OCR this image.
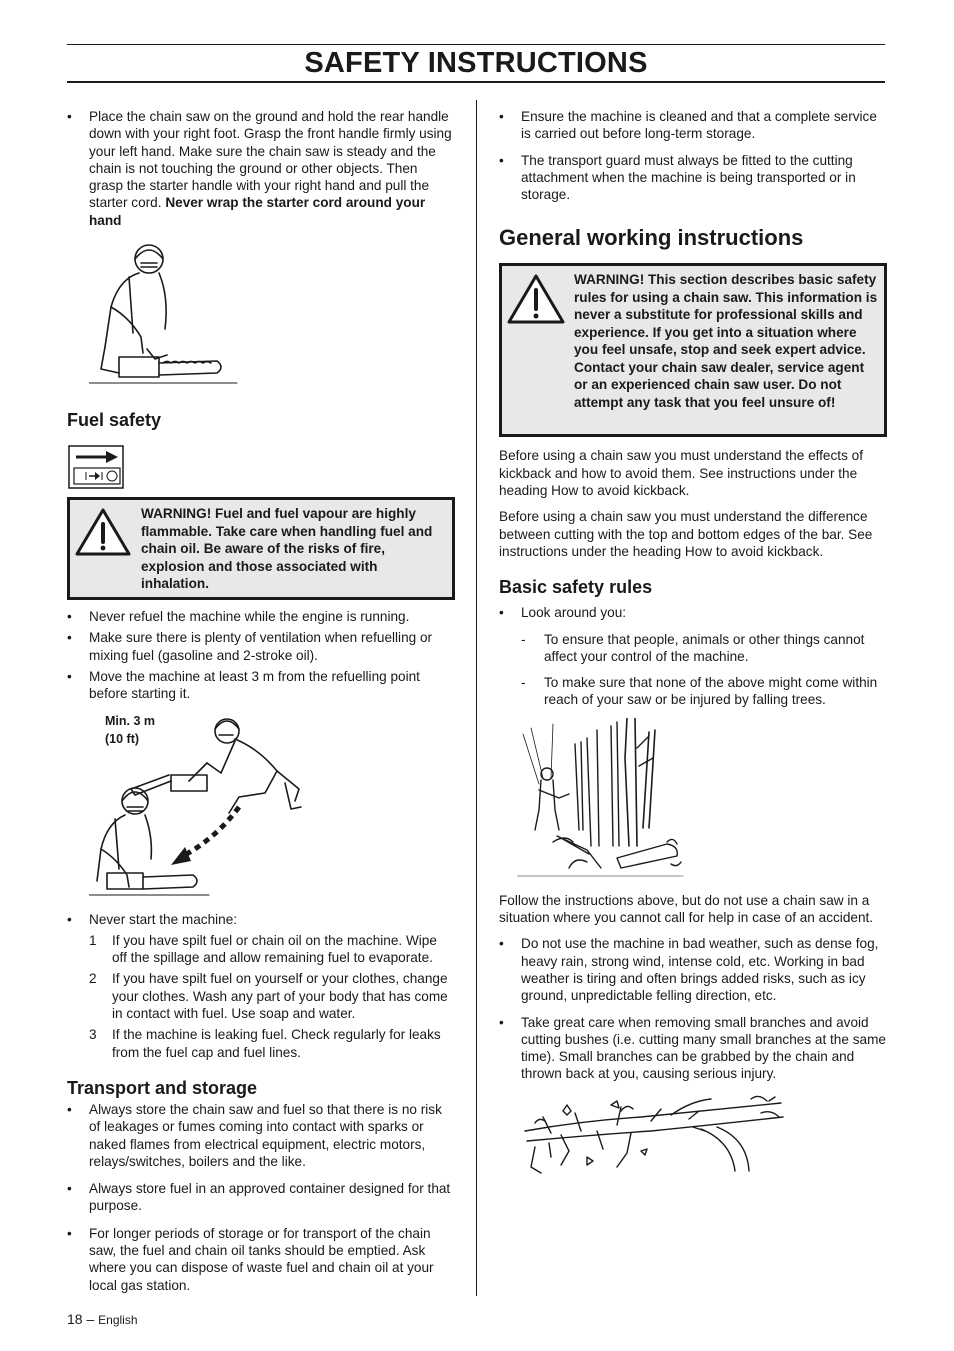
SAFETY INSTRUCTIONS
• Place the chain saw on the ground and hold the rear handle down with your right foot. Grasp the front handle firmly using your left hand. Make sure the chain saw is steady and the chain is not touching the ground or other objects. Then grasp the starter handle with your right hand and pull the starter cord. Never wrap the starter cord around your hand
Fuel safety
WARNING! Fuel and fuel vapour are highly flammable. Take care when handling fuel and chain oil. Be aware of the risks of fire, explosion and those associated with inhalation.
• Never refuel the machine while the engine is running.
• Make sure there is plenty of ventilation when refuelling or mixing fuel (gasoline and 2-stroke oil).
• Move the machine at least 3 m from the refuelling point before starting it.
Min. 3 m
(10 ft)
• Never start the machine:
1 If you have spilt fuel or chain oil on the machine. Wipe off the spillage and allow remaining fuel to evaporate.
2 If you have spilt fuel on yourself or your clothes, change your clothes. Wash any part of your body that has come in contact with fuel. Use soap and water.
3 If the machine is leaking fuel. Check regularly for leaks from the fuel cap and fuel lines.
Transport and storage
• Always store the chain saw and fuel so that there is no risk of leakages or fumes coming into contact with sparks or naked flames from electrical equipment, electric motors, relays/switches, boilers and the like.
• Always store fuel in an approved container designed for that purpose.
• For longer periods of storage or for transport of the chain saw, the fuel and chain oil tanks should be emptied. Ask where you can dispose of waste fuel and chain oil at your local gas station.
• Ensure the machine is cleaned and that a complete service is carried out before long-term storage.
• The transport guard must always be fitted to the cutting attachment when the machine is being transported or in storage.
General working instructions
WARNING! This section describes basic safety rules for using a chain saw. This information is never a substitute for professional skills and experience. If you get into a situation where you feel unsafe, stop and seek expert advice. Contact your chain saw dealer, service agent or an experienced chain saw user. Do not attempt any task that you feel unsure of!

Before using a chain saw you must understand the effects of kickback and how to avoid them. See instructions under the heading How to avoid kickback.

Before using a chain saw you must understand the difference between cutting with the top and bottom edges of the bar. See instructions under the heading How to avoid kickback.

Basic safety rules
• Look around you:
- To ensure that people, animals or other things cannot affect your control of the machine.
- To make sure that none of the above might come within reach of your saw or be injured by falling trees.

Follow the instructions above, but do not use a chain saw in a situation where you cannot call for help in case of an accident.

• Do not use the machine in bad weather, such as dense fog, heavy rain, strong wind, intense cold, etc. Working in bad weather is tiring and often brings added risks, such as icy ground, unpredictable felling direction, etc.
• Take great care when removing small branches and avoid cutting bushes (i.e. cutting many small branches at the same time). Small branches can be grabbed by the chain and thrown back at you, causing serious injury.
18 – English
